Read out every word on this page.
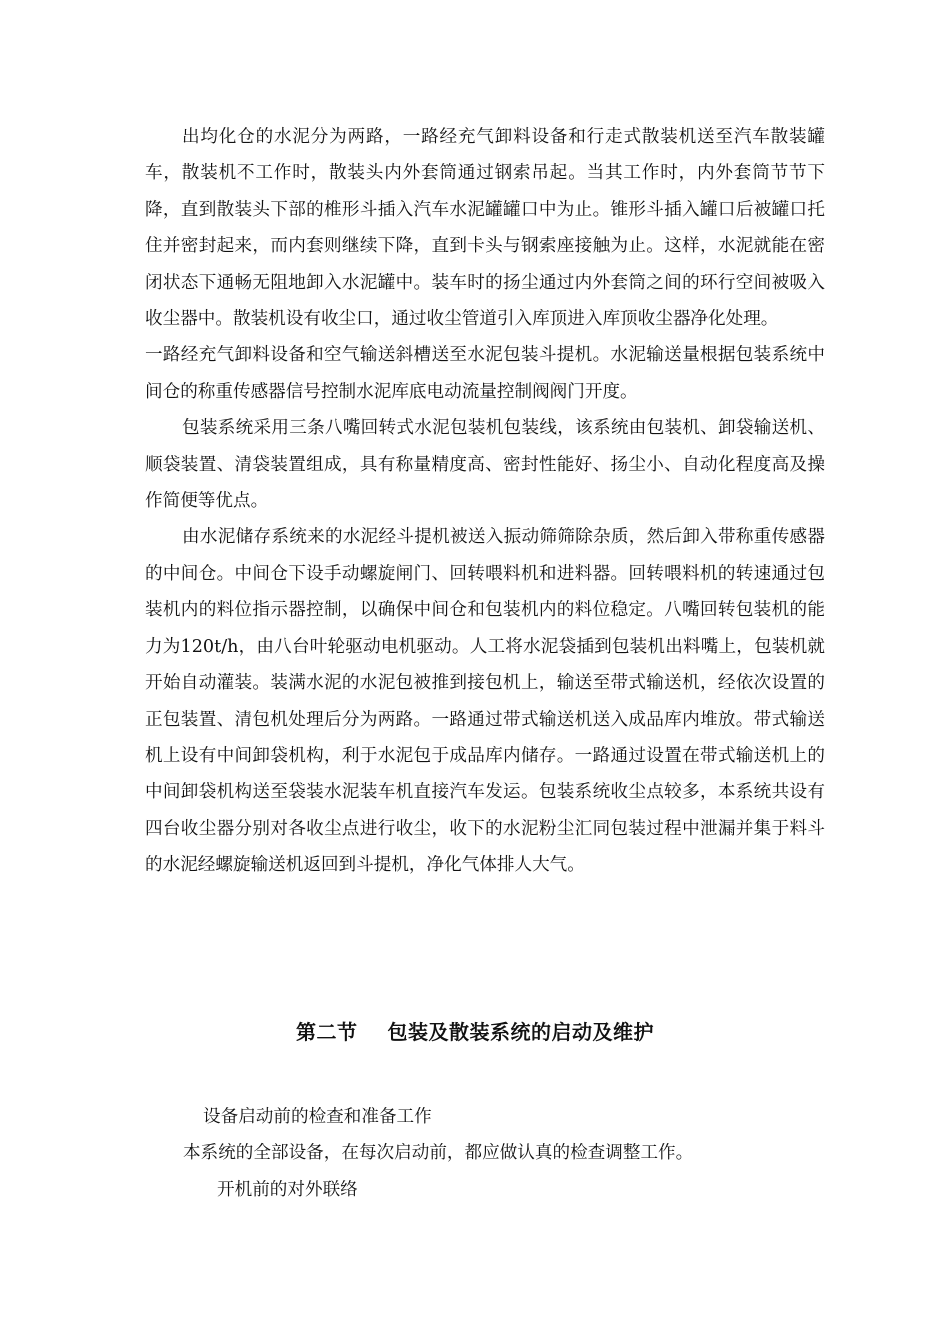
出均化仓的水泥分为两路，一路经充气卸料设备和行走式散装机送至汽车散装罐车，散装机不工作时，散装头内外套筒通过钢索吊起。当其工作时，内外套筒节节下降，直到散装头下部的椎形斗插入汽车水泥罐罐口中为止。锥形斗插入罐口后被罐口托住并密封起来，而内套则继续下降，直到卡头与钢索座接触为止。这样，水泥就能在密闭状态下通畅无阻地卸入水泥罐中。装车时的扬尘通过内外套筒之间的环行空间被吸入收尘器中。散装机设有收尘口，通过收尘管道引入库顶进入库顶收尘器净化处理。

一路经充气卸料设备和空气输送斜槽送至水泥包装斗提机。水泥输送量根据包装系统中间仓的称重传感器信号控制水泥库底电动流量控制阀阀门开度。

包装系统采用三条八嘴回转式水泥包装机包装线，该系统由包装机、卸袋输送机、顺袋装置、清袋装置组成，具有称量精度高、密封性能好、扬尘小、自动化程度高及操作简便等优点。

由水泥储存系统来的水泥经斗提机被送入振动筛筛除杂质，然后卸入带称重传感器的中间仓。中间仓下设手动螺旋闸门、回转喂料机和进料器。回转喂料机的转速通过包装机内的料位指示器控制，以确保中间仓和包装机内的料位稳定。八嘴回转包装机的能力为120t/h，由八台叶轮驱动电机驱动。人工将水泥袋插到包装机出料嘴上，包装机就开始自动灌装。装满水泥的水泥包被推到接包机上，输送至带式输送机，经依次设置的正包装置、清包机处理后分为两路。一路通过带式输送机送入成品库内堆放。带式输送机上设有中间卸袋机构，利于水泥包于成品库内储存。一路通过设置在带式输送机上的中间卸袋机构送至袋装水泥装车机直接汽车发运。包装系统收尘点较多，本系统共设有四台收尘器分别对各收尘点进行收尘，收下的水泥粉尘汇同包装过程中泄漏并集于料斗的水泥经螺旋输送机返回到斗提机，净化气体排人大气。

第二节 包装及散装系统的启动及维护

设备启动前的检查和准备工作

本系统的全部设备，在每次启动前，都应做认真的检查调整工作。

开机前的对外联络
